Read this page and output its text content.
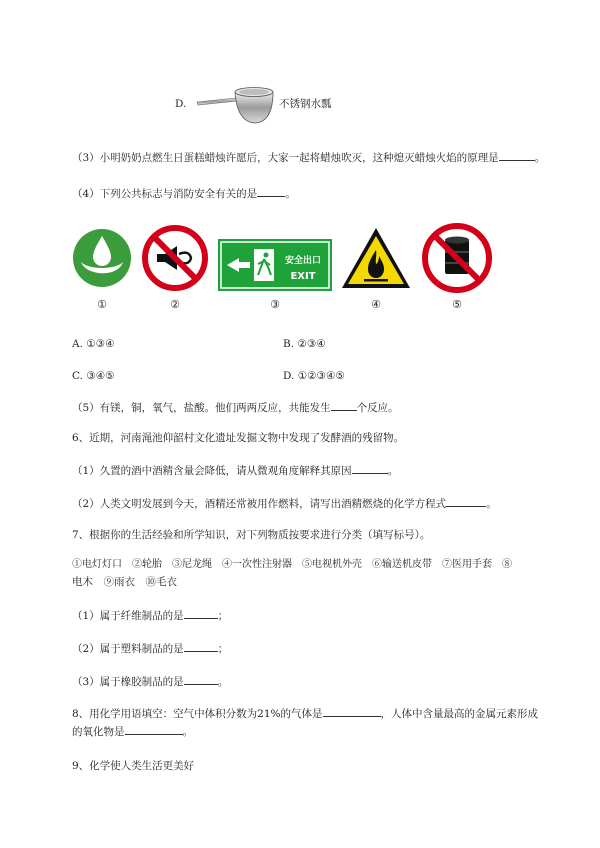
D.	不锈钢水瓢
（3）小明奶奶点燃生日蛋糕蜡烛许愿后，大家一起将蜡烛吹灭，这种熄灭蜡烛火焰的原理是	。
（4）下列公共标志与消防安全有关的是	。
安全出口
EXIT
①	②	③	④	⑤
A. ①③④	B. ②③④
C. ③④⑤	D. ①②③④⑤
（5）有镁，铜，氧气，盐酸。他们两两反应，共能发生 个反应。
6、近期，河南渑池仰韶村文化遗址发掘文物中发现了发酵酒的残留物。
（1）久置的酒中酒精含量会降低，请从微观角度解释其原因	。
（2）人类文明发展到今天，酒精还常被用作燃料，请写出酒精燃烧的化学方程式	。
7、根据你的生活经验和所学知识，对下列物质按要求进行分类（填写标号）。
①电灯灯口　②轮胎　③尼龙绳　④一次性注射器　⑤电视机外壳　⑥输送机皮带　⑦医用手套　⑧
电木　⑨雨衣　⑩毛衣
（1）属于纤维制品的是	；
（2）属于塑料制品的是	；
（3）属于橡胶制品的是	。
8、用化学用语填空：空气中体积分数为21%的气体是	，人体中含量最高的金属元素形成
的氧化物是	。
9、化学使人类生活更美好
